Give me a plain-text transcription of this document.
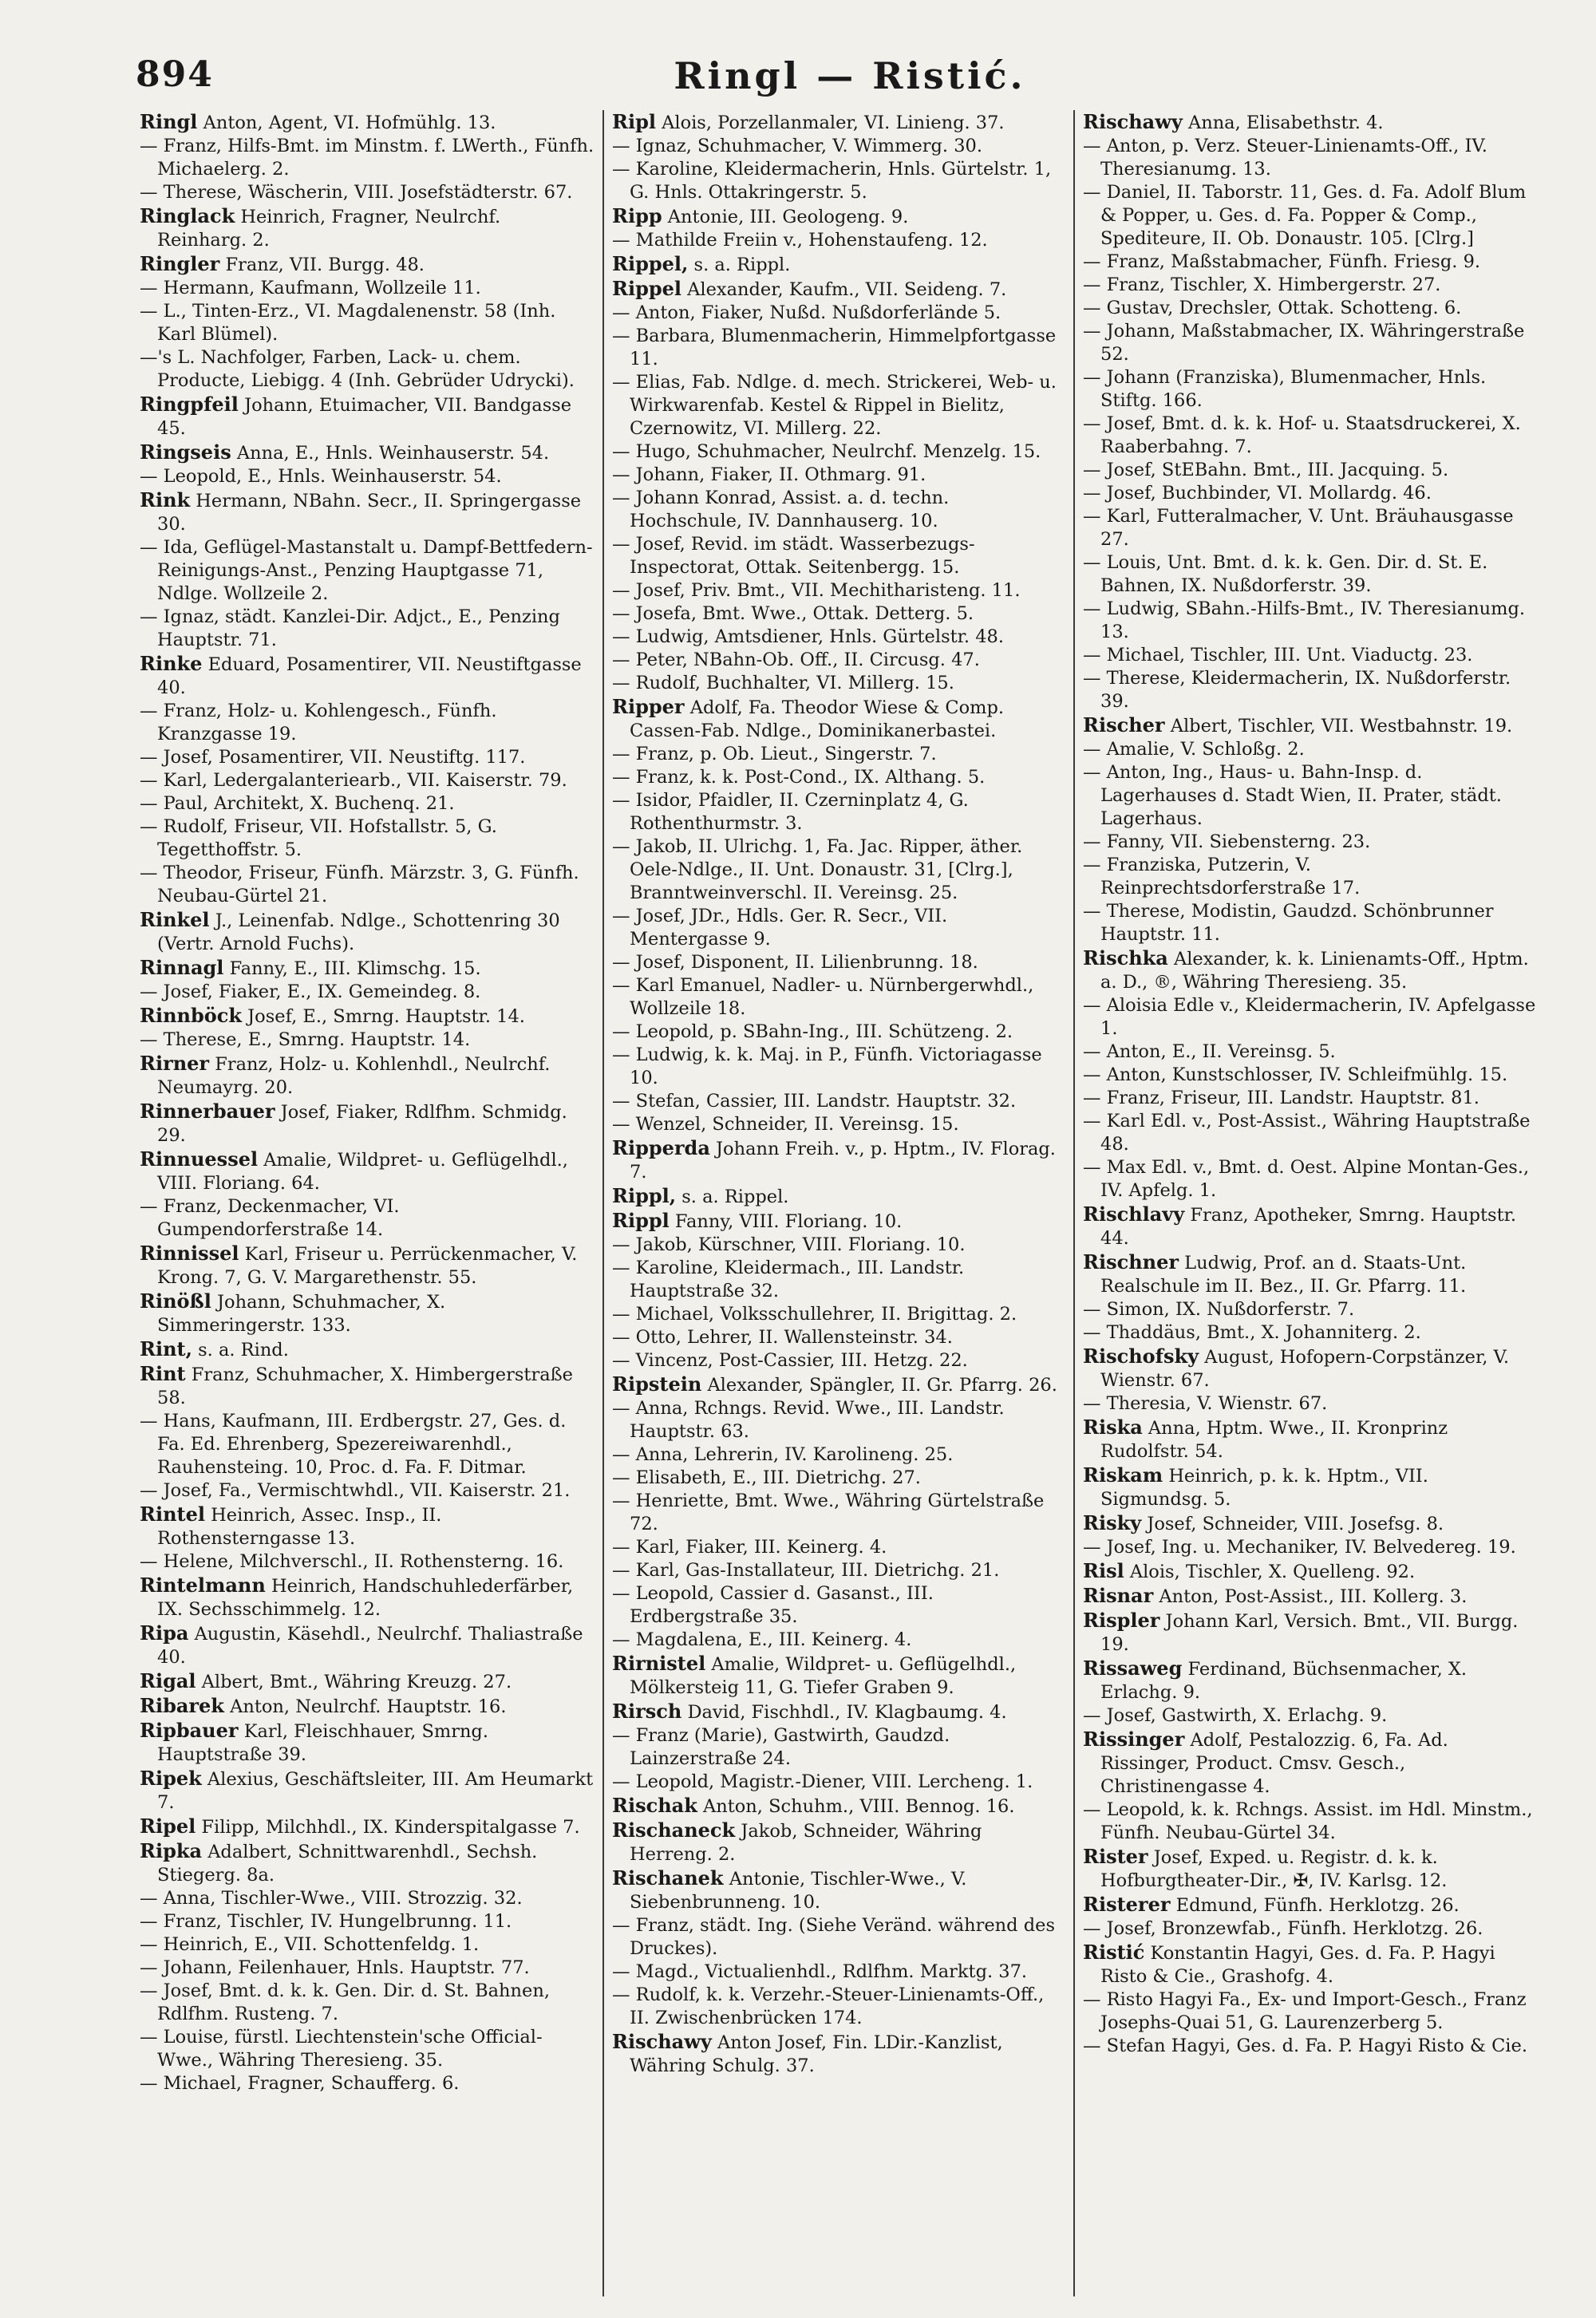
894	Ringl — Ristić.

Ringl Anton, Agent, VI. Hofmühlg. 13.

— Franz, Hilfs-Bmt. im Minstm. f. LWerth., Fünfh. Michaelerg. 2.

— Therese, Wäscherin, VIII. Josefstädterstr. 67.

Ringlack Heinrich, Fragner, Neulrchf. Reinharg. 2.

Ringler Franz, VII. Burgg. 48.

— Hermann, Kaufmann, Wollzeile 11.

— L., Tinten-Erz., VI. Magdalenenstr. 58 (Inh. Karl Blümel).

—'s L. Nachfolger, Farben, Lack- u. chem. Producte, Liebigg. 4 (Inh. Gebrüder Udrycki).

Ringpfeil Johann, Etuimacher, VII. Bandgasse 45.

Ringseis Anna, E., Hnls. Weinhauserstr. 54.

— Leopold, E., Hnls. Weinhauserstr. 54.

Rink Hermann, NBahn. Secr., II. Springergasse 30.

— Ida, Geflügel-Mastanstalt u. Dampf-Bettfedern-Reinigungs-Anst., Penzing Hauptgasse 71, Ndlge. Wollzeile 2.

— Ignaz, städt. Kanzlei-Dir. Adjct., E., Penzing Hauptstr. 71.

Rinke Eduard, Posamentirer, VII. Neustiftgasse 40.

— Franz, Holz- u. Kohlengesch., Fünfh. Kranzgasse 19.

— Josef, Posamentirer, VII. Neustiftg. 117.

— Karl, Ledergalanteriearb., VII. Kaiserstr. 79.

— Paul, Architekt, X. Buchenq. 21.

— Rudolf, Friseur, VII. Hofstallstr. 5, G. Tegetthoffstr. 5.

— Theodor, Friseur, Fünfh. Märzstr. 3, G. Fünfh. Neubau-Gürtel 21.

Rinkel J., Leinenfab. Ndlge., Schottenring 30 (Vertr. Arnold Fuchs).

Rinnagl Fanny, E., III. Klimschg. 15.

— Josef, Fiaker, E., IX. Gemeindeg. 8.

Rinnböck Josef, E., Smrng. Hauptstr. 14.

— Therese, E., Smrng. Hauptstr. 14.

Rirner Franz, Holz- u. Kohlenhdl., Neulrchf. Neumayrg. 20.

Rinnerbauer Josef, Fiaker, Rdlfhm. Schmidg. 29.

Rinnuessel Amalie, Wildpret- u. Geflügelhdl., VIII. Floriang. 64.

— Franz, Deckenmacher, VI. Gumpendorferstraße 14.

Rinnissel Karl, Friseur u. Perrückenmacher, V. Krong. 7, G. V. Margarethenstr. 55.

Rinößl Johann, Schuhmacher, X. Simmeringerstr. 133.

Rint, s. a. Rind.

Rint Franz, Schuhmacher, X. Himbergerstraße 58.

— Hans, Kaufmann, III. Erdbergstr. 27, Ges. d. Fa. Ed. Ehrenberg, Spezereiwarenhdl., Rauhensteing. 10, Proc. d. Fa. F. Ditmar.

— Josef, Fa., Vermischtwhdl., VII. Kaiserstr. 21.

Rintel Heinrich, Assec. Insp., II. Rothensterngasse 13.

— Helene, Milchverschl., II. Rothensterng. 16.

Rintelmann Heinrich, Handschuhlederfärber, IX. Sechsschimmelg. 12.

Ripa Augustin, Käsehdl., Neulrchf. Thaliastraße 40.

Rigal Albert, Bmt., Währing Kreuzg. 27.

Ribarek Anton, Neulrchf. Hauptstr. 16.

Ripbauer Karl, Fleischhauer, Smrng. Hauptstraße 39.

Ripek Alexius, Geschäftsleiter, III. Am Heumarkt 7.

Ripel Filipp, Milchhdl., IX. Kinderspitalgasse 7.

Ripka Adalbert, Schnittwarenhdl., Sechsh. Stiegerg. 8a.

— Anna, Tischler-Wwe., VIII. Strozzig. 32.

— Franz, Tischler, IV. Hungelbrunng. 11.

— Heinrich, E., VII. Schottenfeldg. 1.

— Johann, Feilenhauer, Hnls. Hauptstr. 77.

— Josef, Bmt. d. k. k. Gen. Dir. d. St. Bahnen, Rdlfhm. Rusteng. 7.

— Louise, fürstl. Liechtenstein'sche Official-Wwe., Währing Theresieng. 35.

— Michael, Fragner, Schaufferg. 6.

Ripl Alois, Porzellanmaler, VI. Linieng. 37.

— Ignaz, Schuhmacher, V. Wimmerg. 30.

— Karoline, Kleidermacherin, Hnls. Gürtelstr. 1, G. Hnls. Ottakringerstr. 5.

Ripp Antonie, III. Geologeng. 9.

— Mathilde Freiin v., Hohenstaufeng. 12.

Rippel, s. a. Rippl.

Rippel Alexander, Kaufm., VII. Seideng. 7.

— Anton, Fiaker, Nußd. Nußdorferlände 5.

— Barbara, Blumenmacherin, Himmelpfortgasse 11.

— Elias, Fab. Ndlge. d. mech. Strickerei, Web- u. Wirkwarenfab. Kestel & Rippel in Bielitz, Czernowitz, VI. Millerg. 22.

— Hugo, Schuhmacher, Neulrchf. Menzelg. 15.

— Johann, Fiaker, II. Othmarg. 91.

— Johann Konrad, Assist. a. d. techn. Hochschule, IV. Dannhauserg. 10.

— Josef, Revid. im städt. Wasserbezugs-Inspectorat, Ottak. Seitenbergg. 15.

— Josef, Priv. Bmt., VII. Mechitharisteng. 11.

— Josefa, Bmt. Wwe., Ottak. Detterg. 5.

— Ludwig, Amtsdiener, Hnls. Gürtelstr. 48.

— Peter, NBahn-Ob. Off., II. Circusg. 47.

— Rudolf, Buchhalter, VI. Millerg. 15.

Ripper Adolf, Fa. Theodor Wiese & Comp. Cassen-Fab. Ndlge., Dominikanerbastei.

— Franz, p. Ob. Lieut., Singerstr. 7.

— Franz, k. k. Post-Cond., IX. Althang. 5.

— Isidor, Pfaidler, II. Czerninplatz 4, G. Rothenthurmstr. 3.

— Jakob, II. Ulrichg. 1, Fa. Jac. Ripper, äther. Oele-Ndlge., II. Unt. Donaustr. 31, [Clrg.], Branntweinverschl. II. Vereinsg. 25.

— Josef, JDr., Hdls. Ger. R. Secr., VII. Mentergasse 9.

— Josef, Disponent, II. Lilienbrunng. 18.

— Karl Emanuel, Nadler- u. Nürnbergerwhdl., Wollzeile 18.

— Leopold, p. SBahn-Ing., III. Schützeng. 2.

— Ludwig, k. k. Maj. in P., Fünfh. Victoriagasse 10.

— Stefan, Cassier, III. Landstr. Hauptstr. 32.

— Wenzel, Schneider, II. Vereinsg. 15.

Ripperda Johann Freih. v., p. Hptm., IV. Florag. 7.

Rippl, s. a. Rippel.

Rippl Fanny, VIII. Floriang. 10.

— Jakob, Kürschner, VIII. Floriang. 10.

— Karoline, Kleidermach., III. Landstr. Hauptstraße 32.

— Michael, Volksschullehrer, II. Brigittag. 2.

— Otto, Lehrer, II. Wallensteinstr. 34.

— Vincenz, Post-Cassier, III. Hetzg. 22.

Ripstein Alexander, Spängler, II. Gr. Pfarrg. 26.

— Anna, Rchngs. Revid. Wwe., III. Landstr. Hauptstr. 63.

— Anna, Lehrerin, IV. Karolineng. 25.

— Elisabeth, E., III. Dietrichg. 27.

— Henriette, Bmt. Wwe., Währing Gürtelstraße 72.

— Karl, Fiaker, III. Keinerg. 4.

— Karl, Gas-Installateur, III. Dietrichg. 21.

— Leopold, Cassier d. Gasanst., III. Erdbergstraße 35.

— Magdalena, E., III. Keinerg. 4.

Rirnistel Amalie, Wildpret- u. Geflügelhdl., Mölkersteig 11, G. Tiefer Graben 9.

Rirsch David, Fischhdl., IV. Klagbaumg. 4.

— Franz (Marie), Gastwirth, Gaudzd. Lainzerstraße 24.

— Leopold, Magistr.-Diener, VIII. Lercheng. 1.

Rischak Anton, Schuhm., VIII. Bennog. 16.

Rischaneck Jakob, Schneider, Währing Herreng. 2.

Rischanek Antonie, Tischler-Wwe., V. Siebenbrunneng. 10.

— Franz, städt. Ing. (Siehe Veränd. während des Druckes).

— Magd., Victualienhdl., Rdlfhm. Marktg. 37.

— Rudolf, k. k. Verzehr.-Steuer-Linienamts-Off., II. Zwischenbrücken 174.

Rischawy Anton Josef, Fin. LDir.-Kanzlist, Währing Schulg. 37.

Rischawy Anna, Elisabethstr. 4.

— Anton, p. Verz. Steuer-Linienamts-Off., IV. Theresianumg. 13.

— Daniel, II. Taborstr. 11, Ges. d. Fa. Adolf Blum & Popper, u. Ges. d. Fa. Popper & Comp., Spediteure, II. Ob. Donaustr. 105. [Clrg.]

— Franz, Maßstabmacher, Fünfh. Friesg. 9.

— Franz, Tischler, X. Himbergerstr. 27.

— Gustav, Drechsler, Ottak. Schotteng. 6.

— Johann, Maßstabmacher, IX. Währingerstraße 52.

— Johann (Franziska), Blumenmacher, Hnls. Stiftg. 166.

— Josef, Bmt. d. k. k. Hof- u. Staatsdruckerei, X. Raaberbahng. 7.

— Josef, StEBahn. Bmt., III. Jacquing. 5.

— Josef, Buchbinder, VI. Mollardg. 46.

— Karl, Futteralmacher, V. Unt. Bräuhausgasse 27.

— Louis, Unt. Bmt. d. k. k. Gen. Dir. d. St. E. Bahnen, IX. Nußdorferstr. 39.

— Ludwig, SBahn.-Hilfs-Bmt., IV. Theresianumg. 13.

— Michael, Tischler, III. Unt. Viaductg. 23.

— Therese, Kleidermacherin, IX. Nußdorferstr. 39.

Rischer Albert, Tischler, VII. Westbahnstr. 19.

— Amalie, V. Schloßg. 2.

— Anton, Ing., Haus- u. Bahn-Insp. d. Lagerhauses d. Stadt Wien, II. Prater, städt. Lagerhaus.

— Fanny, VII. Siebensterng. 23.

— Franziska, Putzerin, V. Reinprechtsdorferstraße 17.

— Therese, Modistin, Gaudzd. Schönbrunner Hauptstr. 11.

Rischka Alexander, k. k. Linienamts-Off., Hptm. a. D., ®, Währing Theresieng. 35.

— Aloisia Edle v., Kleidermacherin, IV. Apfelgasse 1.

— Anton, E., II. Vereinsg. 5.

— Anton, Kunstschlosser, IV. Schleifmühlg. 15.

— Franz, Friseur, III. Landstr. Hauptstr. 81.

— Karl Edl. v., Post-Assist., Währing Hauptstraße 48.

— Max Edl. v., Bmt. d. Oest. Alpine Montan-Ges., IV. Apfelg. 1.

Rischlavy Franz, Apotheker, Smrng. Hauptstr. 44.

Rischner Ludwig, Prof. an d. Staats-Unt. Realschule im II. Bez., II. Gr. Pfarrg. 11.

— Simon, IX. Nußdorferstr. 7.

— Thaddäus, Bmt., X. Johanniterg. 2.

Rischofsky August, Hofopern-Corpstänzer, V. Wienstr. 67.

— Theresia, V. Wienstr. 67.

Riska Anna, Hptm. Wwe., II. Kronprinz Rudolfstr. 54.

Riskam Heinrich, p. k. k. Hptm., VII. Sigmundsg. 5.

Risky Josef, Schneider, VIII. Josefsg. 8.

— Josef, Ing. u. Mechaniker, IV. Belvedereg. 19.

Risl Alois, Tischler, X. Quelleng. 92.

Risnar Anton, Post-Assist., III. Kollerg. 3.

Rispler Johann Karl, Versich. Bmt., VII. Burgg. 19.

Rissaweg Ferdinand, Büchsenmacher, X. Erlachg. 9.

— Josef, Gastwirth, X. Erlachg. 9.

Rissinger Adolf, Pestalozzig. 6, Fa. Ad. Rissinger, Product. Cmsv. Gesch., Christinengasse 4.

— Leopold, k. k. Rchngs. Assist. im Hdl. Minstm., Fünfh. Neubau-Gürtel 34.

Rister Josef, Exped. u. Registr. d. k. k. Hofburgtheater-Dir., ✠, IV. Karlsg. 12.

Risterer Edmund, Fünfh. Herklotzg. 26.

— Josef, Bronzewfab., Fünfh. Herklotzg. 26.

Ristić Konstantin Hagyi, Ges. d. Fa. P. Hagyi Risto & Cie., Grashofg. 4.

— Risto Hagyi Fa., Ex- und Import-Gesch., Franz Josephs-Quai 51, G. Laurenzerberg 5.

— Stefan Hagyi, Ges. d. Fa. P. Hagyi Risto & Cie.
